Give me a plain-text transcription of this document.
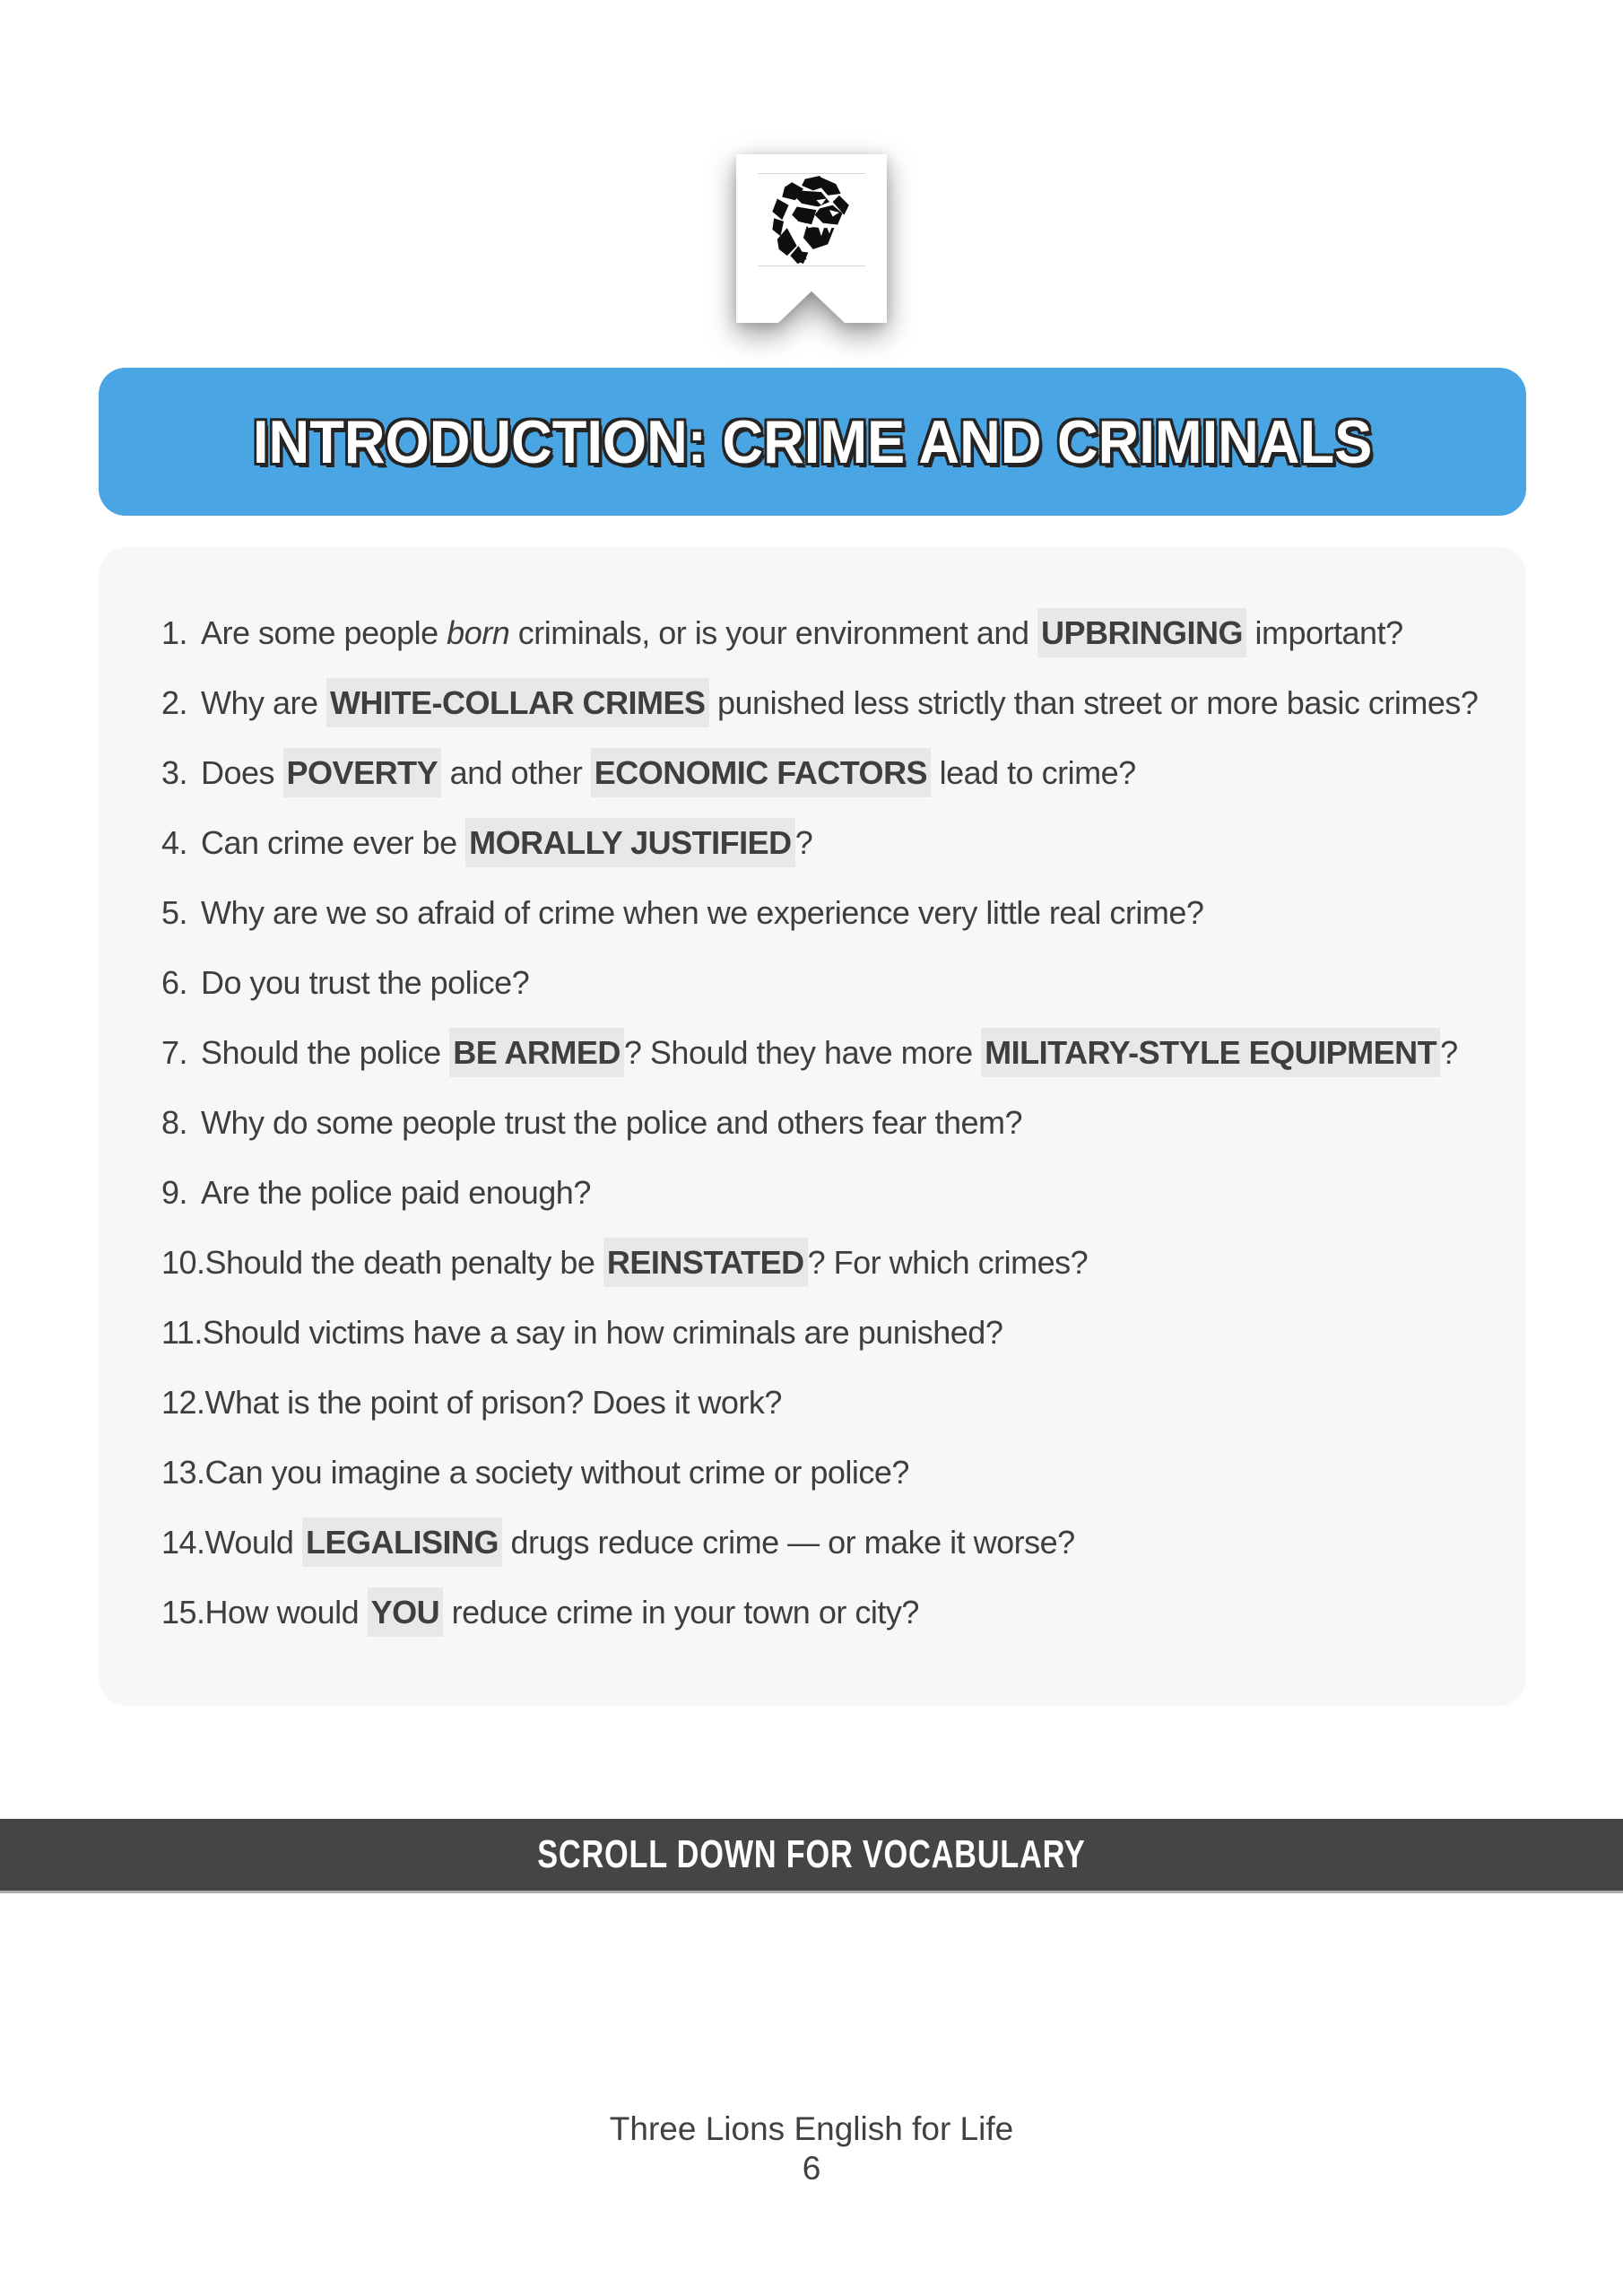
INTRODUCTION: CRIME AND CRIMINALS
1. Are some people born criminals, or is your environment and UPBRINGING important?
2. Why are WHITE-COLLAR CRIMES punished less strictly than street or more basic crimes?
3. Does POVERTY and other ECONOMIC FACTORS lead to crime?
4. Can crime ever be MORALLY JUSTIFIED ?
5. Why are we so afraid of crime when we experience very little real crime?
6. Do you trust the police?
7. Should the police BE ARMED ? Should they have more MILITARY-STYLE EQUIPMENT ?
8. Why do some people trust the police and others fear them?
9. Are the police paid enough?
10.Should the death penalty be REINSTATED ? For which crimes?
11.Should victims have a say in how criminals are punished?
12.What is the point of prison? Does it work?
13.Can you imagine a society without crime or police?
14.Would LEGALISING drugs reduce crime — or make it worse?
15.How would YOU reduce crime in your town or city?
SCROLL DOWN FOR VOCABULARY
Three Lions English for Life
6
